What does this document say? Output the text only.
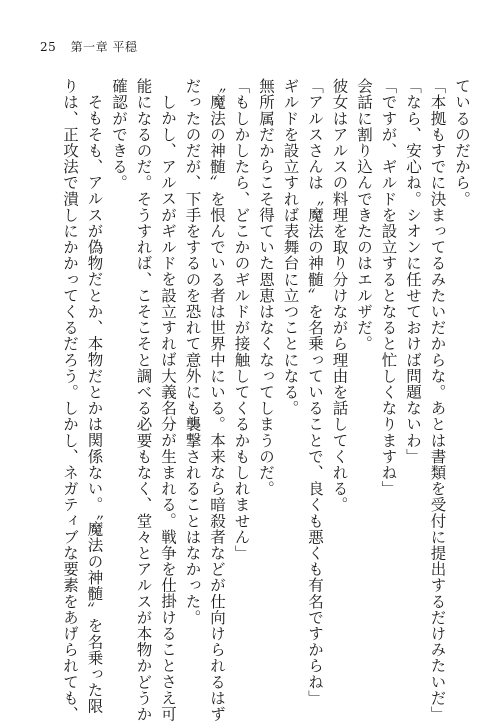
25 第一章 平穏
ているのだから。
「本拠もすでに決まってるみたいだからな。あとは書類を受付に提出するだけみたいだ」
「なら、安心ね。シオンに任せておけば問題ないわ」
「ですが、ギルドを設立するとなると忙しくなりますね」
会話に割り込んできたのはエルザだ。
彼女はアルスの料理を取り分けながら理由を話してくれる。
「アルスさんは〝魔法の神髄〟を名乗っていることで、良くも悪くも有名ですからね」
ギルドを設立すれば表舞台に立つことになる。
無所属だからこそ得ていた恩恵はなくなってしまうのだ。
「もしかしたら、どこかのギルドが接触してくるかもしれません」
〝魔法の神髄〟を恨んでいる者は世界中にいる。本来なら暗殺者などが仕向けられるはず
だったのだが、下手をするのを恐れて意外にも襲撃されることはなかった。
しかし、アルスがギルドを設立すれば大義名分が生まれる。戦争を仕掛けることさえ可
能になるのだ。そうすれば、こそこそと調べる必要もなく、堂々とアルスが本物かどうか
確認ができる。
そもそも、アルスが偽物だとか、本物だとかは関係ない。〝魔法の神髄〟を名乗った限
りは、正攻法で潰しにかかってくるだろう。しかし、ネガティブな要素をあげられても、
